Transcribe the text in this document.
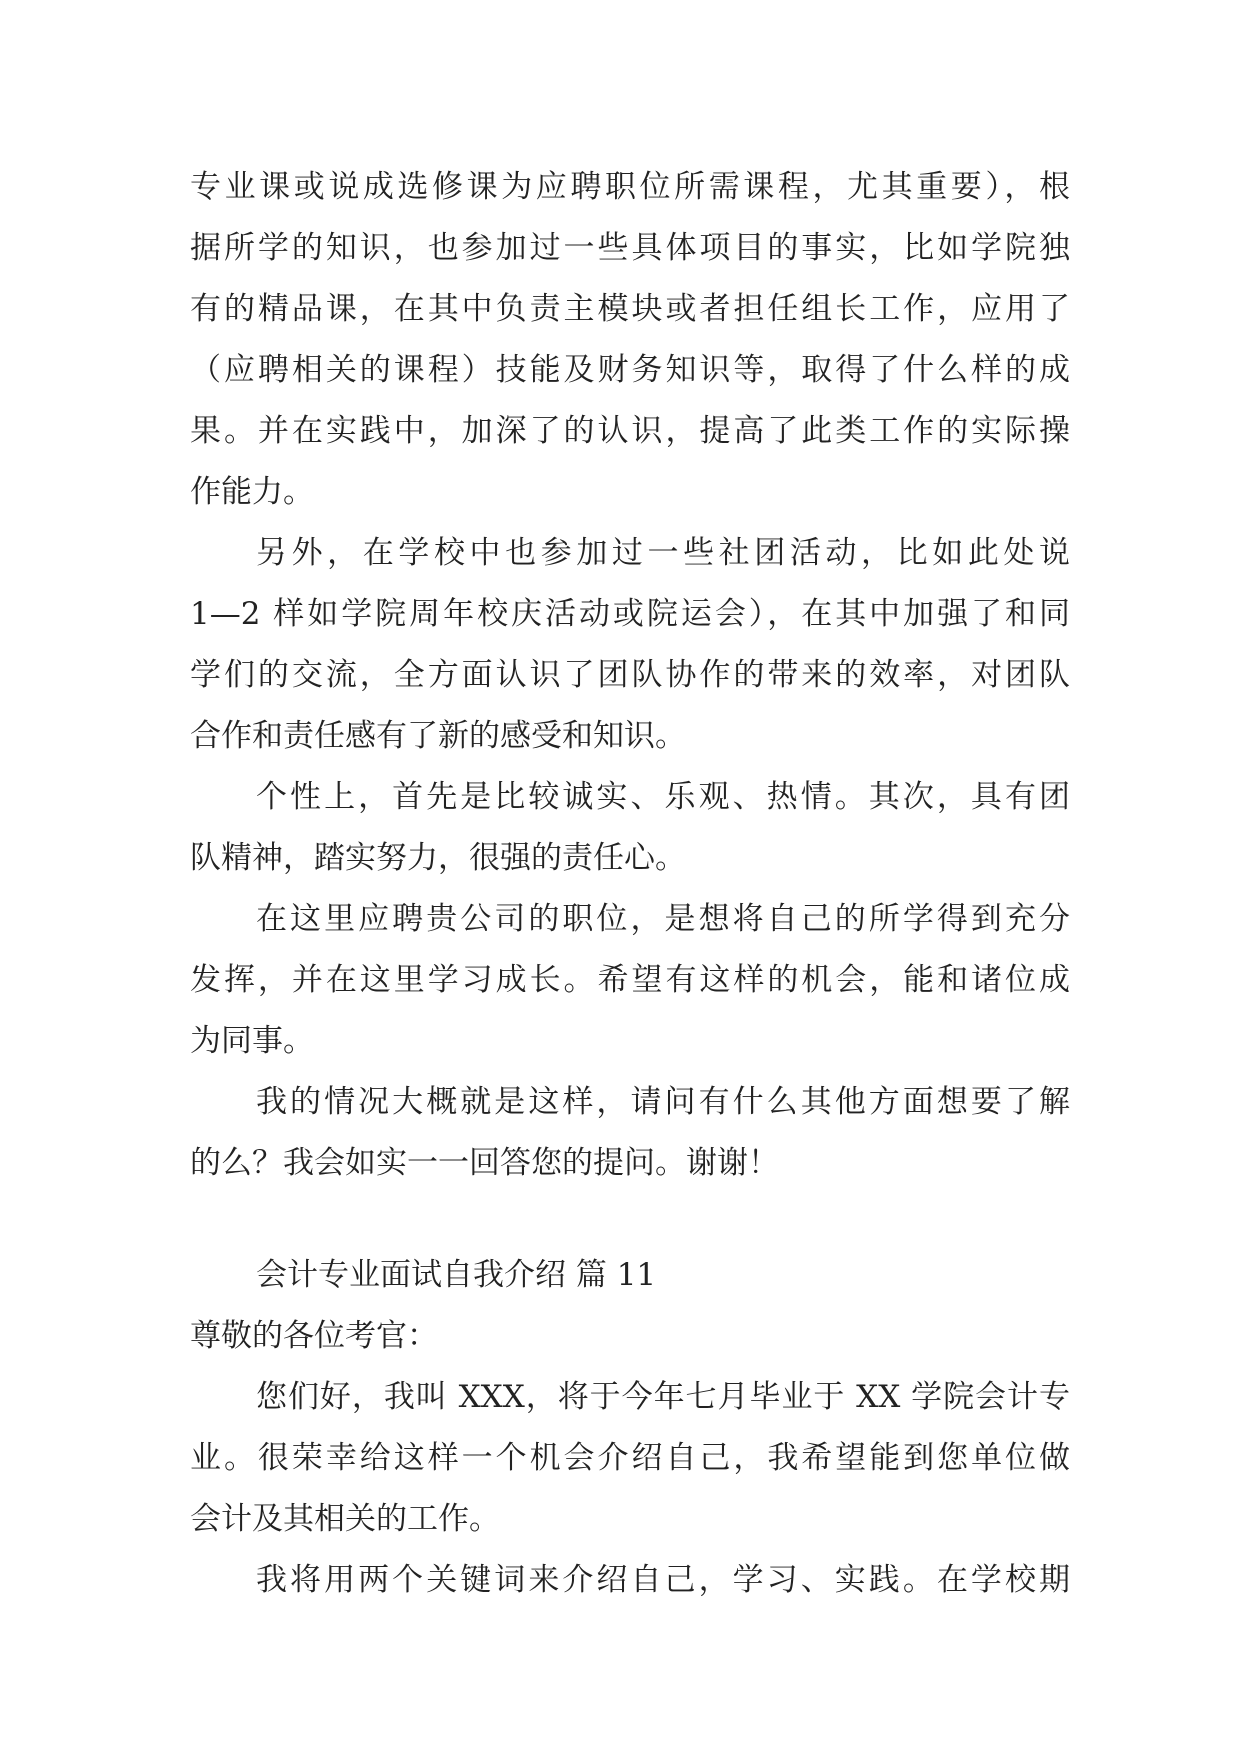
专业课或说成选修课为应聘职位所需课程，尤其重要），根
据所学的知识，也参加过一些具体项目的事实，比如学院独
有的精品课，在其中负责主模块或者担任组长工作，应用了
（应聘相关的课程）技能及财务知识等，取得了什么样的成
果。并在实践中，加深了的认识，提高了此类工作的实际操
作能力。
另外，在学校中也参加过一些社团活动，比如此处说
1—2 样如学院周年校庆活动或院运会），在其中加强了和同
学们的交流，全方面认识了团队协作的带来的效率，对团队
合作和责任感有了新的感受和知识。
个性上，首先是比较诚实、乐观、热情。其次，具有团
队精神，踏实努力，很强的责任心。
在这里应聘贵公司的职位，是想将自己的所学得到充分
发挥，并在这里学习成长。希望有这样的机会，能和诸位成
为同事。
我的情况大概就是这样，请问有什么其他方面想要了解
的么？我会如实一一回答您的提问。谢谢！
会计专业面试自我介绍 篇 11
尊敬的各位考官：
您们好，我叫 XXX，将于今年七月毕业于 XX 学院会计专
业。很荣幸给这样一个机会介绍自己，我希望能到您单位做
会计及其相关的工作。
我将用两个关键词来介绍自己，学习、实践。在学校期
